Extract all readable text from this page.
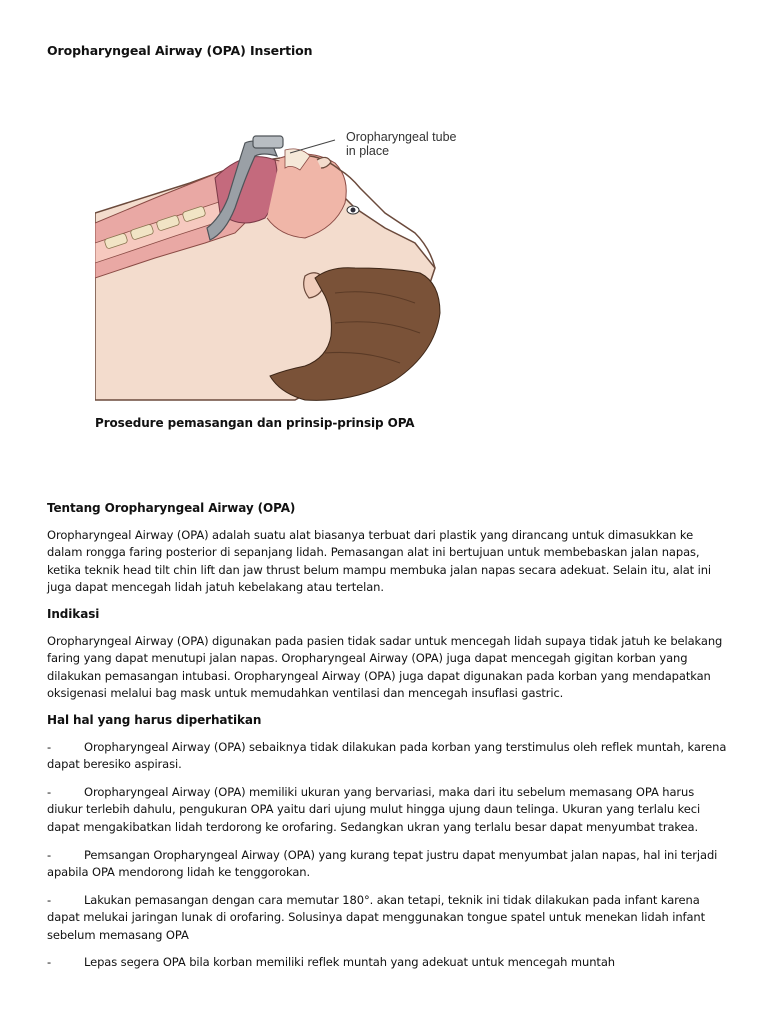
Oropharyngeal Airway (OPA) Insertion
Oropharyngeal tube
in place
Prosedure pemasangan dan prinsip-prinsip OPA
Tentang Oropharyngeal Airway (OPA)

Oropharyngeal Airway (OPA) adalah suatu alat biasanya terbuat dari plastik yang dirancang untuk dimasukkan ke dalam rongga faring posterior di sepanjang lidah. Pemasangan alat ini bertujuan untuk membebaskan jalan napas, ketika teknik head tilt chin lift dan jaw thrust belum mampu membuka jalan napas secara adekuat. Selain itu, alat ini juga dapat mencegah lidah jatuh kebelakang atau tertelan.

Indikasi

Oropharyngeal Airway (OPA) digunakan pada pasien tidak sadar untuk mencegah lidah supaya tidak jatuh ke belakang faring yang dapat menutupi jalan napas. Oropharyngeal Airway (OPA) juga dapat mencegah gigitan korban yang dilakukan pemasangan intubasi. Oropharyngeal Airway (OPA) juga dapat digunakan pada korban yang mendapatkan oksigenasi melalui bag mask untuk memudahkan ventilasi dan mencegah insuflasi gastric.

Hal hal yang harus diperhatikan
-	Oropharyngeal Airway (OPA) sebaiknya tidak dilakukan pada korban yang terstimulus oleh reflek muntah, karena dapat beresiko aspirasi.
-	Oropharyngeal Airway (OPA) memiliki ukuran yang bervariasi, maka dari itu sebelum memasang OPA harus diukur terlebih dahulu, pengukuran OPA yaitu dari ujung mulut hingga ujung daun telinga. Ukuran yang terlalu keci dapat mengakibatkan lidah terdorong ke orofaring. Sedangkan ukran yang terlalu besar dapat menyumbat trakea.
-	Pemsangan Oropharyngeal Airway (OPA) yang kurang tepat justru dapat menyumbat jalan napas, hal ini terjadi apabila OPA mendorong lidah ke tenggorokan.
-	Lakukan pemasangan dengan cara memutar 180°. akan tetapi, teknik ini tidak dilakukan pada infant karena dapat melukai jaringan lunak di orofaring. Solusinya dapat menggunakan tongue spatel untuk menekan lidah infant sebelum memasang OPA
-	Lepas segera OPA bila korban memiliki reflek muntah yang adekuat untuk mencegah muntah
